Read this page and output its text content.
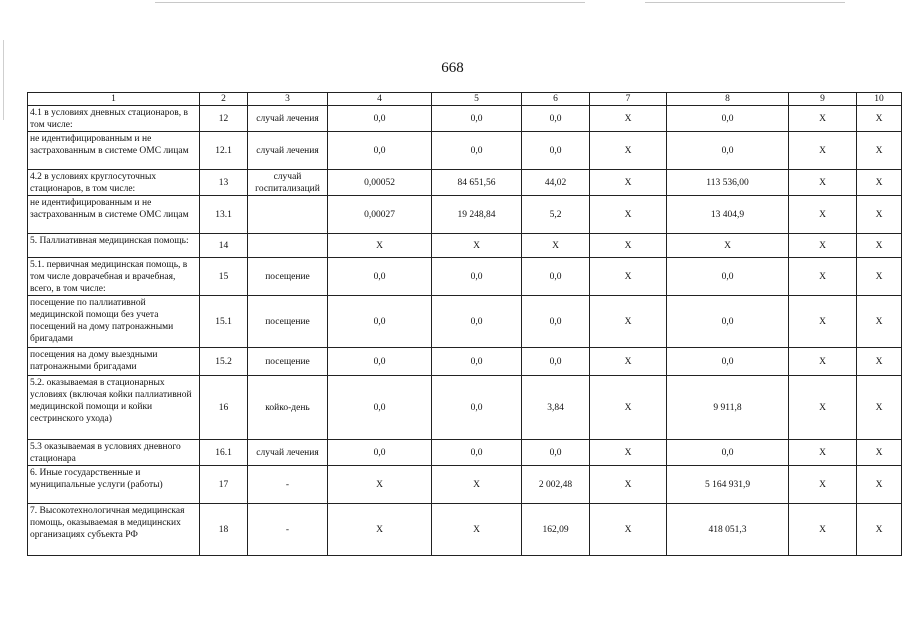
668
1	2	3	4	5	6	7	8	9	10
4.1 в условиях дневных стационаров, в том числе:	12	случай лечения	0,0	0,0	0,0	X	0,0	X	X
не идентифицированным и не застрахованным в системе ОМС лицам	12.1	случай лечения	0,0	0,0	0,0	X	0,0	X	X
4.2 в условиях круглосуточных стационаров, в том числе:	13	случай госпитализаций	0,00052	84 651,56	44,02	X	113 536,00	X	X
не идентифицированным и не застрахованным в системе ОМС лицам	13.1		0,00027	19 248,84	5,2	X	13 404,9	X	X
5. Паллиативная медицинская помощь:	14		X	X	X	X	X	X	X
5.1. первичная медицинская помощь, в том числе доврачебная и врачебная, всего, в том числе:	15	посещение	0,0	0,0	0,0	X	0,0	X	X
посещение по паллиативной медицинской помощи без учета посещений на дому патронажными бригадами	15.1	посещение	0,0	0,0	0,0	X	0,0	X	X
посещения на дому выездными патронажными бригадами	15.2	посещение	0,0	0,0	0,0	X	0,0	X	X
5.2. оказываемая в стационарных условиях (включая койки паллиативной медицинской помощи и койки сестринского ухода)	16	койко-день	0,0	0,0	3,84	X	9 911,8	X	X
5.3 оказываемая в условиях дневного стационара	16.1	случай лечения	0,0	0,0	0,0	X	0,0	X	X
6. Иные государственные и муниципальные услуги (работы)	17	-	X	X	2 002,48	X	5 164 931,9	X	X
7. Высокотехнологичная медицинская помощь, оказываемая в медицинских организациях субъекта РФ	18	-	X	X	162,09	X	418 051,3	X	X
